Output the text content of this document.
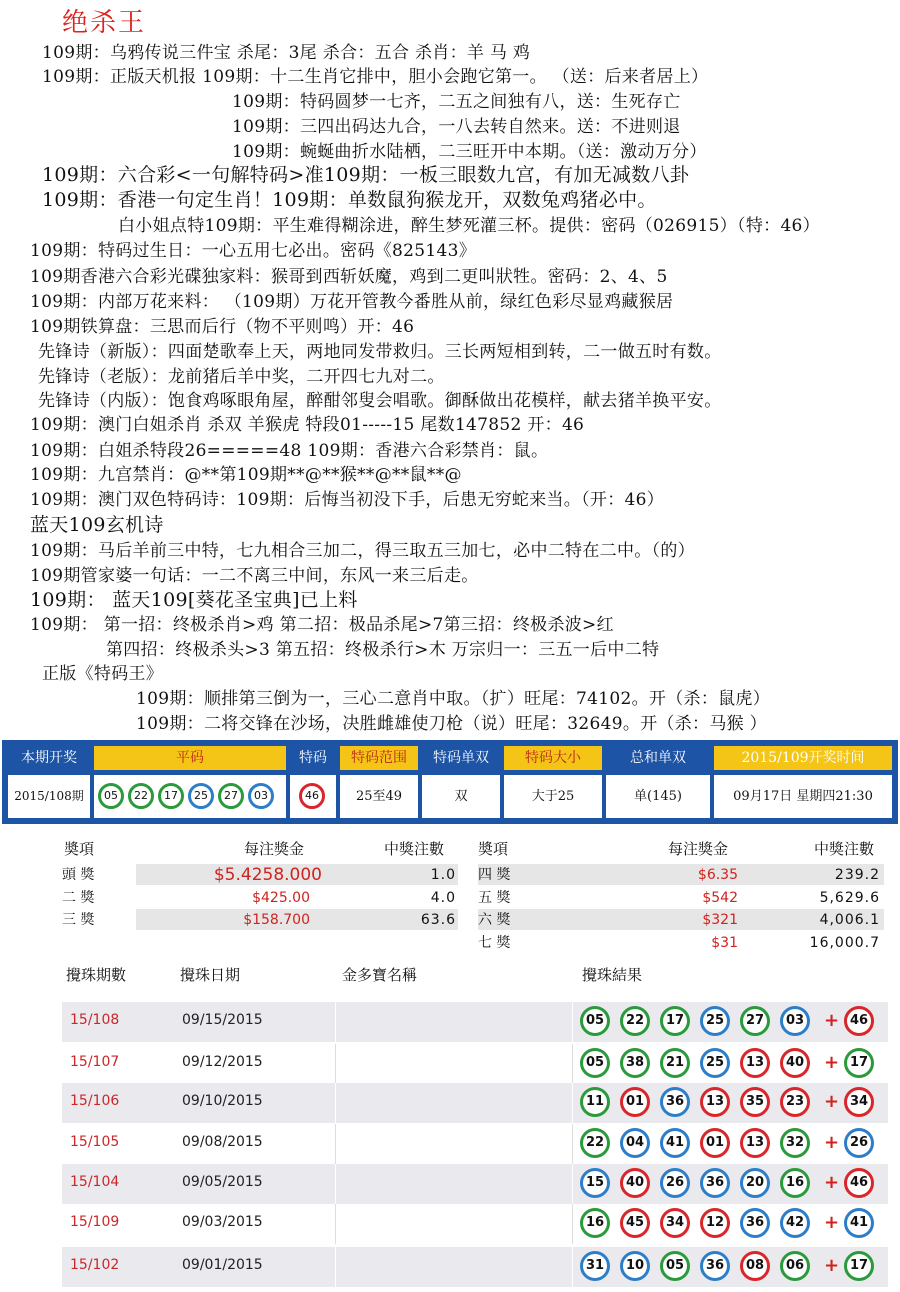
绝杀王
109期：乌鸦传说三件宝 杀尾：3尾 杀合：五合 杀肖：羊 马 鸡
109期：正版天机报 109期：十二生肖它排中，胆小会跑它第一。 （送：后来者居上）
109期：特码圆梦一七齐，二五之间独有八，送：生死存亡
109期：三四出码达九合，一八去转自然来。送：不进则退
109期：蜿蜒曲折水陆栖，二三旺开中本期。（送：激动万分）
109期：六合彩<一句解特码>准109期：一板三眼数九宫，有加无减数八卦
109期：香港一句定生肖！109期：单数鼠狗猴龙开，双数兔鸡猪必中。
白小姐点特109期：平生难得糊涂进，醉生梦死灌三杯。提供：密码（026915）（特：46）
109期：特码过生日：一心五用七必出。密码《825143》
109期香港六合彩光碟独家料：猴哥到西斩妖魔，鸡到二更叫狀牲。密码：2、4、5
109期：内部万花来料： （109期）万花开管教今番胜从前，绿红色彩尽显鸡藏猴居
109期铁算盘：三思而后行（物不平则鸣）开：46
先锋诗（新版）：四面楚歌奉上天，两地同发带救归。三长两短相到转，二一做五时有数。
先锋诗（老版）：龙前猪后羊中奖，二开四七九对二。
先锋诗（内版）：饱食鸡啄眼角屋，醉酣邻叟会唱歌。御酥做出花模样，献去猪羊换平安。
109期：澳门白姐杀肖 杀双 羊猴虎 特段01-----15 尾数147852 开：46
109期：白姐杀特段26=====48 109期：香港六合彩禁肖：鼠。
109期：九宫禁肖：@**第109期**@**猴**@**鼠**@
109期：澳门双色特码诗：109期：后悔当初没下手，后患无穷蛇来当。（开：46）
蓝天109玄机诗
109期：马后羊前三中特，七九相合三加二，得三取五三加七，必中二特在二中。（的）
109期管家婆一句话：一二不离三中间，东风一来三后走。
109期： 蓝天109[葵花圣宝典]已上料
109期： 第一招：终极杀肖>鸡 第二招：极品杀尾>7第三招：终极杀波>红
第四招：终极杀头>3 第五招：终极杀行>木 万宗归一：三五一后中二特
正版《特码王》
109期：顺排第三倒为一，三心二意肖中取。（扩）旺尾：74102。开（杀：鼠虎）
109期：二将交锋在沙场，决胜雌雄使刀枪（说）旺尾：32649。开（杀：马猴 ）
本期开奖	平码	特码	特码范围	特码单双	特码大小	总和单双	2015/109开奖时间
2015/108期	05	22	17	25	27	03	46	25至49	双	大于25	单(145)	09月17日 星期四21:30
奬項	每注獎金	中獎注數
頭 獎	$5.4258.000	1.0
二 獎	$425.00	4.0
三 獎	$158.700	63.6
奬項	每注獎金	中獎注數
四 獎	$6.35	239.2
五 獎	$542	5,629.6
六 獎	$321	4,006.1
七 獎	$31	16,000.7
攪珠期數	攪珠日期	金多寶名稱	攪珠結果
15/108	09/15/2015	05	22	17	25	27	03	+ 46
15/107	09/12/2015	05	38	21	25	13	40	+ 17
15/106	09/10/2015	11	01	36	13	35	23	+ 34
15/105	09/08/2015	22	04	41	01	13	32	+ 26
15/104	09/05/2015	15	40	26	36	20	16	+ 46
15/109	09/03/2015	16	45	34	12	36	42	+ 41
15/102	09/01/2015	31	10	05	36	08	06	+ 17
